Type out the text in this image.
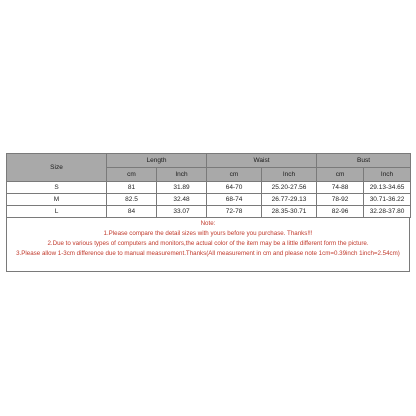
Size	Length		Waist		Bust	
	cm	Inch	cm	Inch	cm	Inch
S	81	31.89	64-70	25.20-27.56	74-88	29.13-34.65
M	82.5	32.48	68-74	26.77-29.13	78-92	30.71-36.22
L	84	33.07	72-78	28.35-30.71	82-96	32.28-37.80
Note:
1.Please compare the detail sizes with yours before you purchase. Thanks!!!
2.Due to various types of computers and monitors,the actual color of the item may be a little different form the picture.
3.Please allow 1-3cm difference due to manual measurement.Thanks(All measurement in cm and please note 1cm=0.39inch 1inch=2.54cm)
